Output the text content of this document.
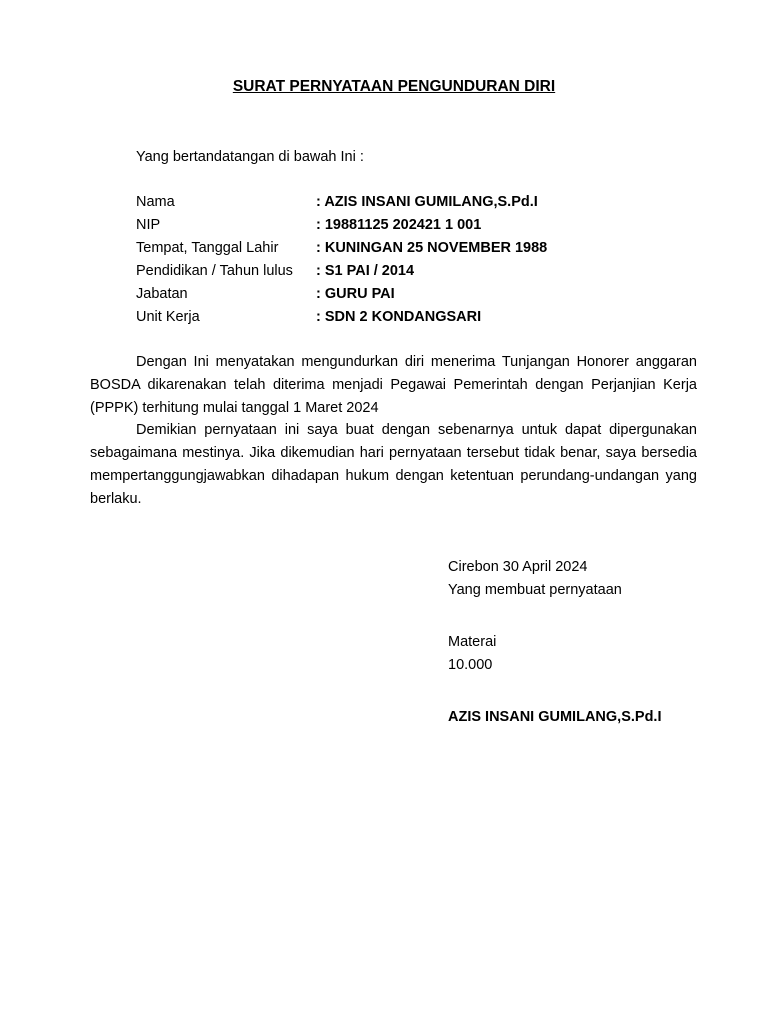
SURAT PERNYATAAN PENGUNDURAN DIRI
Yang bertandatangan di bawah Ini :
Nama	: AZIS INSANI GUMILANG,S.Pd.I
NIP	: 19881125 202421 1 001
Tempat, Tanggal Lahir	: KUNINGAN 25 NOVEMBER 1988
Pendidikan / Tahun lulus : S1 PAI / 2014
Jabatan	: GURU PAI
Unit Kerja	: SDN 2 KONDANGSARI

Dengan Ini menyatakan mengundurkan diri menerima Tunjangan Honorer anggaran BOSDA dikarenakan telah diterima menjadi Pegawai Pemerintah dengan Perjanjian Kerja (PPPK) terhitung mulai tanggal 1 Maret 2024

Demikian pernyataan ini saya buat dengan sebenarnya untuk dapat dipergunakan sebagaimana mestinya. Jika dikemudian hari pernyataan tersebut tidak benar, saya bersedia mempertanggungjawabkan dihadapan hukum dengan ketentuan perundang-undangan yang berlaku.

Cirebon 30 April 2024
Yang membuat pernyataan
Materai
10.000
AZIS INSANI GUMILANG,S.Pd.I
